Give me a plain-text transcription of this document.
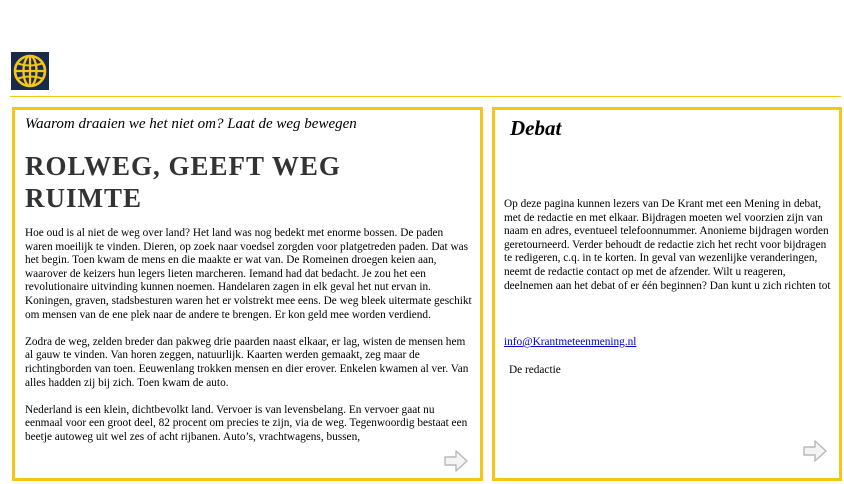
Waarom draaien we het niet om? Laat de weg bewegen
ROLWEG, GEEFT WEG RUIMTE

Hoe oud is al niet de weg over land? Het land was nog bedekt met enorme bossen. De paden waren moeilijk te vinden. Dieren, op zoek naar voedsel zorgden voor platgetreden paden. Dat was het begin. Toen kwam de mens en die maakte er wat van. De Romeinen droegen keien aan, waarover de keizers hun legers lieten marcheren. Iemand had dat bedacht. Je zou het een revolutionaire uitvinding kunnen noemen. Handelaren zagen in elk geval het nut ervan in. Koningen, graven, stadsbesturen waren het er volstrekt mee eens. De weg bleek uitermate geschikt om mensen van de ene plek naar de andere te brengen. Er kon geld mee worden verdiend.

Zodra de weg, zelden breder dan pakweg drie paarden naast elkaar, er lag, wisten de mensen hem al gauw te vinden. Van horen zeggen, natuurlijk. Kaarten werden gemaakt, zeg maar de richtingborden van toen. Eeuwenlang trokken mensen en dier erover. Enkelen kwamen al ver. Van alles hadden zij bij zich. Toen kwam de auto.

Nederland is een klein, dichtbevolkt land. Vervoer is van levensbelang. En vervoer gaat nu eenmaal voor een groot deel, 82 procent om precies te zijn, via de weg. Tegenwoordig bestaat een beetje autoweg uit wel zes of acht rijbanen. Auto’s, vrachtwagens, bussen,

Debat
Op deze pagina kunnen lezers van De Krant met een Mening in debat, met de redactie en met elkaar. Bijdragen moeten wel voorzien zijn van naam en adres, eventueel telefoonnummer. Anonieme bijdragen worden geretourneerd. Verder behoudt de redactie zich het recht voor bijdragen te redigeren, c.q. in te korten. In geval van wezenlijke veranderingen, neemt de redactie contact op met de afzender. Wilt u reageren, deelnemen aan het debat of er één beginnen? Dan kunt u zich richten tot
info@Krantmeteenmening.nl
De redactie
